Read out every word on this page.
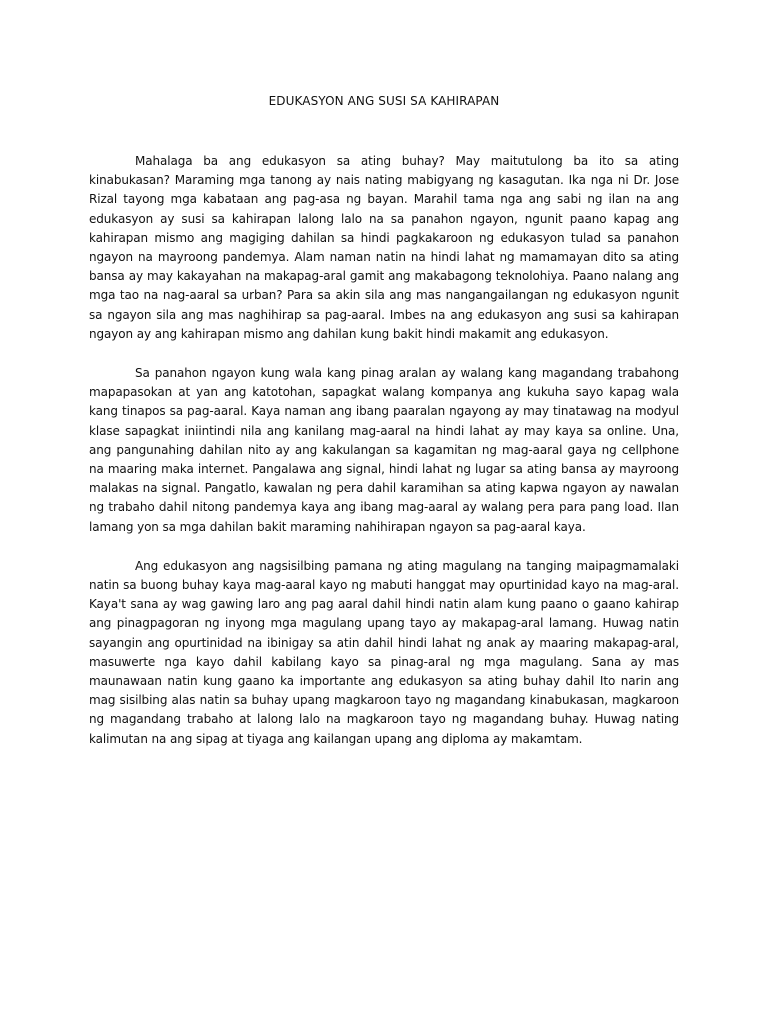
EDUKASYON ANG SUSI SA KAHIRAPAN

Mahalaga ba ang edukasyon sa ating buhay? May maitutulong ba ito sa ating kinabukasan? Maraming mga tanong ay nais nating mabigyang ng kasagutan. Ika nga ni Dr. Jose Rizal tayong mga kabataan ang pag-asa ng bayan. Marahil tama nga ang sabi ng ilan na ang edukasyon ay susi sa kahirapan lalong lalo na sa panahon ngayon, ngunit paano kapag ang kahirapan mismo ang magiging dahilan sa hindi pagkakaroon ng edukasyon tulad sa panahon ngayon na mayroong pandemya. Alam naman natin na hindi lahat ng mamamayan dito sa ating bansa ay may kakayahan na makapag-aral gamit ang makabagong teknolohiya. Paano nalang ang mga tao na nag-aaral sa urban? Para sa akin sila ang mas nangangailangan ng edukasyon ngunit sa ngayon sila ang mas naghihirap sa pag-aaral. Imbes na ang edukasyon ang susi sa kahirapan ngayon ay ang kahirapan mismo ang dahilan kung bakit hindi makamit ang edukasyon.

Sa panahon ngayon kung wala kang pinag aralan ay walang kang magandang trabahong mapapasokan at yan ang katotohan, sapagkat walang kompanya ang kukuha sayo kapag wala kang tinapos sa pag-aaral. Kaya naman ang ibang paaralan ngayong ay may tinatawag na modyul klase sapagkat iniintindi nila ang kanilang mag-aaral na hindi lahat ay may kaya sa online. Una, ang pangunahing dahilan nito ay ang kakulangan sa kagamitan ng mag-aaral gaya ng cellphone na maaring maka internet. Pangalawa ang signal, hindi lahat ng lugar sa ating bansa ay mayroong malakas na signal. Pangatlo, kawalan ng pera dahil karamihan sa ating kapwa ngayon ay nawalan ng trabaho dahil nitong pandemya kaya ang ibang mag-aaral ay walang pera para pang load. Ilan lamang yon sa mga dahilan bakit maraming nahihirapan ngayon sa pag-aaral kaya.

Ang edukasyon ang nagsisilbing pamana ng ating magulang na tanging maipagmamalaki natin sa buong buhay kaya mag-aaral kayo ng mabuti hanggat may opurtinidad kayo na mag-aral. Kaya't sana ay wag gawing laro ang pag aaral dahil hindi natin alam kung paano o gaano kahirap ang pinagpagoran ng inyong mga magulang upang tayo ay makapag-aral lamang. Huwag natin sayangin ang opurtinidad na ibinigay sa atin dahil hindi lahat ng anak ay maaring makapag-aral, masuwerte nga kayo dahil kabilang kayo sa pinag-aral ng mga magulang. Sana ay mas maunawaan natin kung gaano ka importante ang edukasyon sa ating buhay dahil Ito narin ang mag sisilbing alas natin sa buhay upang magkaroon tayo ng magandang kinabukasan, magkaroon ng magandang trabaho at lalong lalo na magkaroon tayo ng magandang buhay. Huwag nating kalimutan na ang sipag at tiyaga ang kailangan upang ang diploma ay makamtam.
